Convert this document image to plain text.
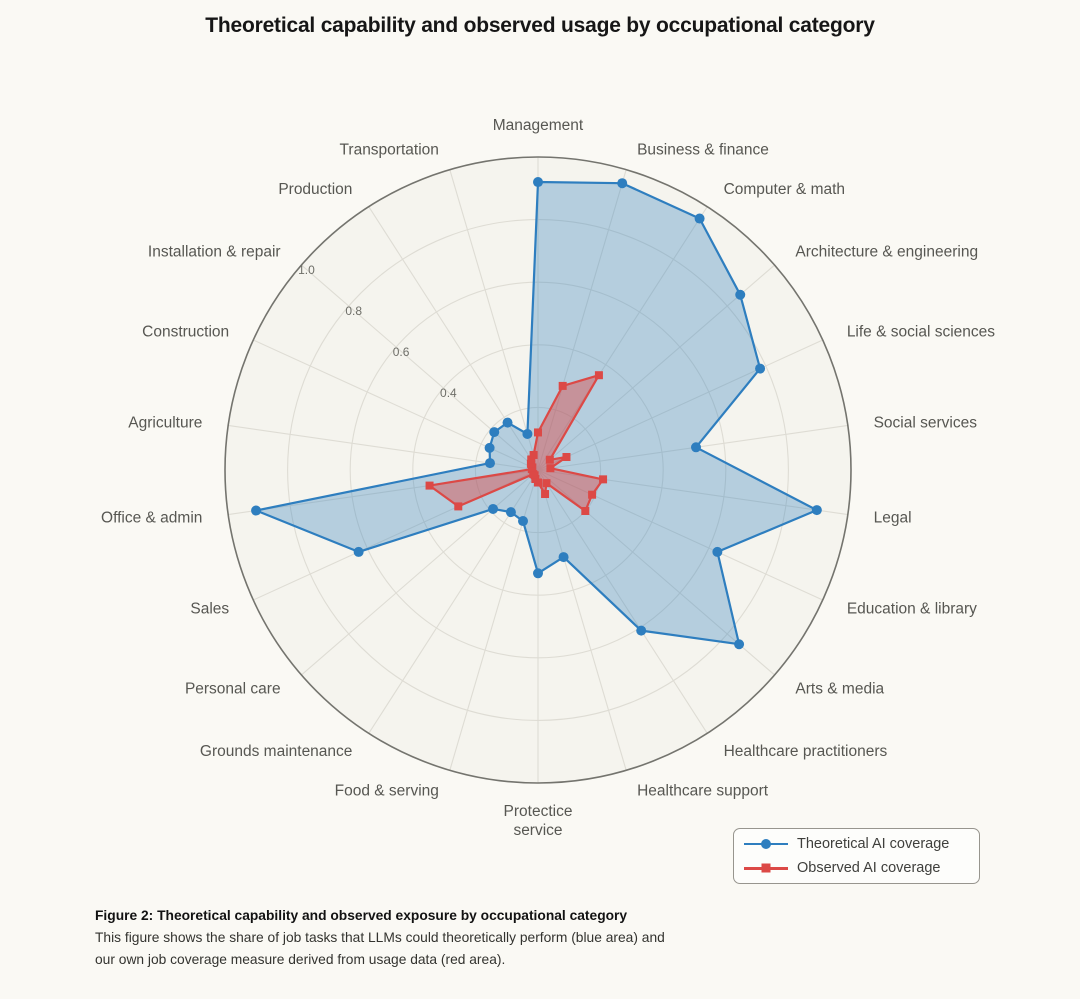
Theoretical capability and observed usage by occupational category
0.4
0.6
0.8
1.0
Management
Business & finance
Computer & math
Architecture & engineering
Life & social sciences
Social services
Legal
Education & library
Arts & media
Healthcare practitioners
Healthcare support
Protectice service
Food & serving
Grounds maintenance
Personal care
Sales
Office & admin
Agriculture
Construction
Installation & repair
Production
Transportation
Theoretical AI coverage
Observed AI coverage
Figure 2: Theoretical capability and observed exposure by occupational category
This figure shows the share of job tasks that LLMs could theoretically perform (blue area) and our own job coverage measure derived from usage data (red area).
